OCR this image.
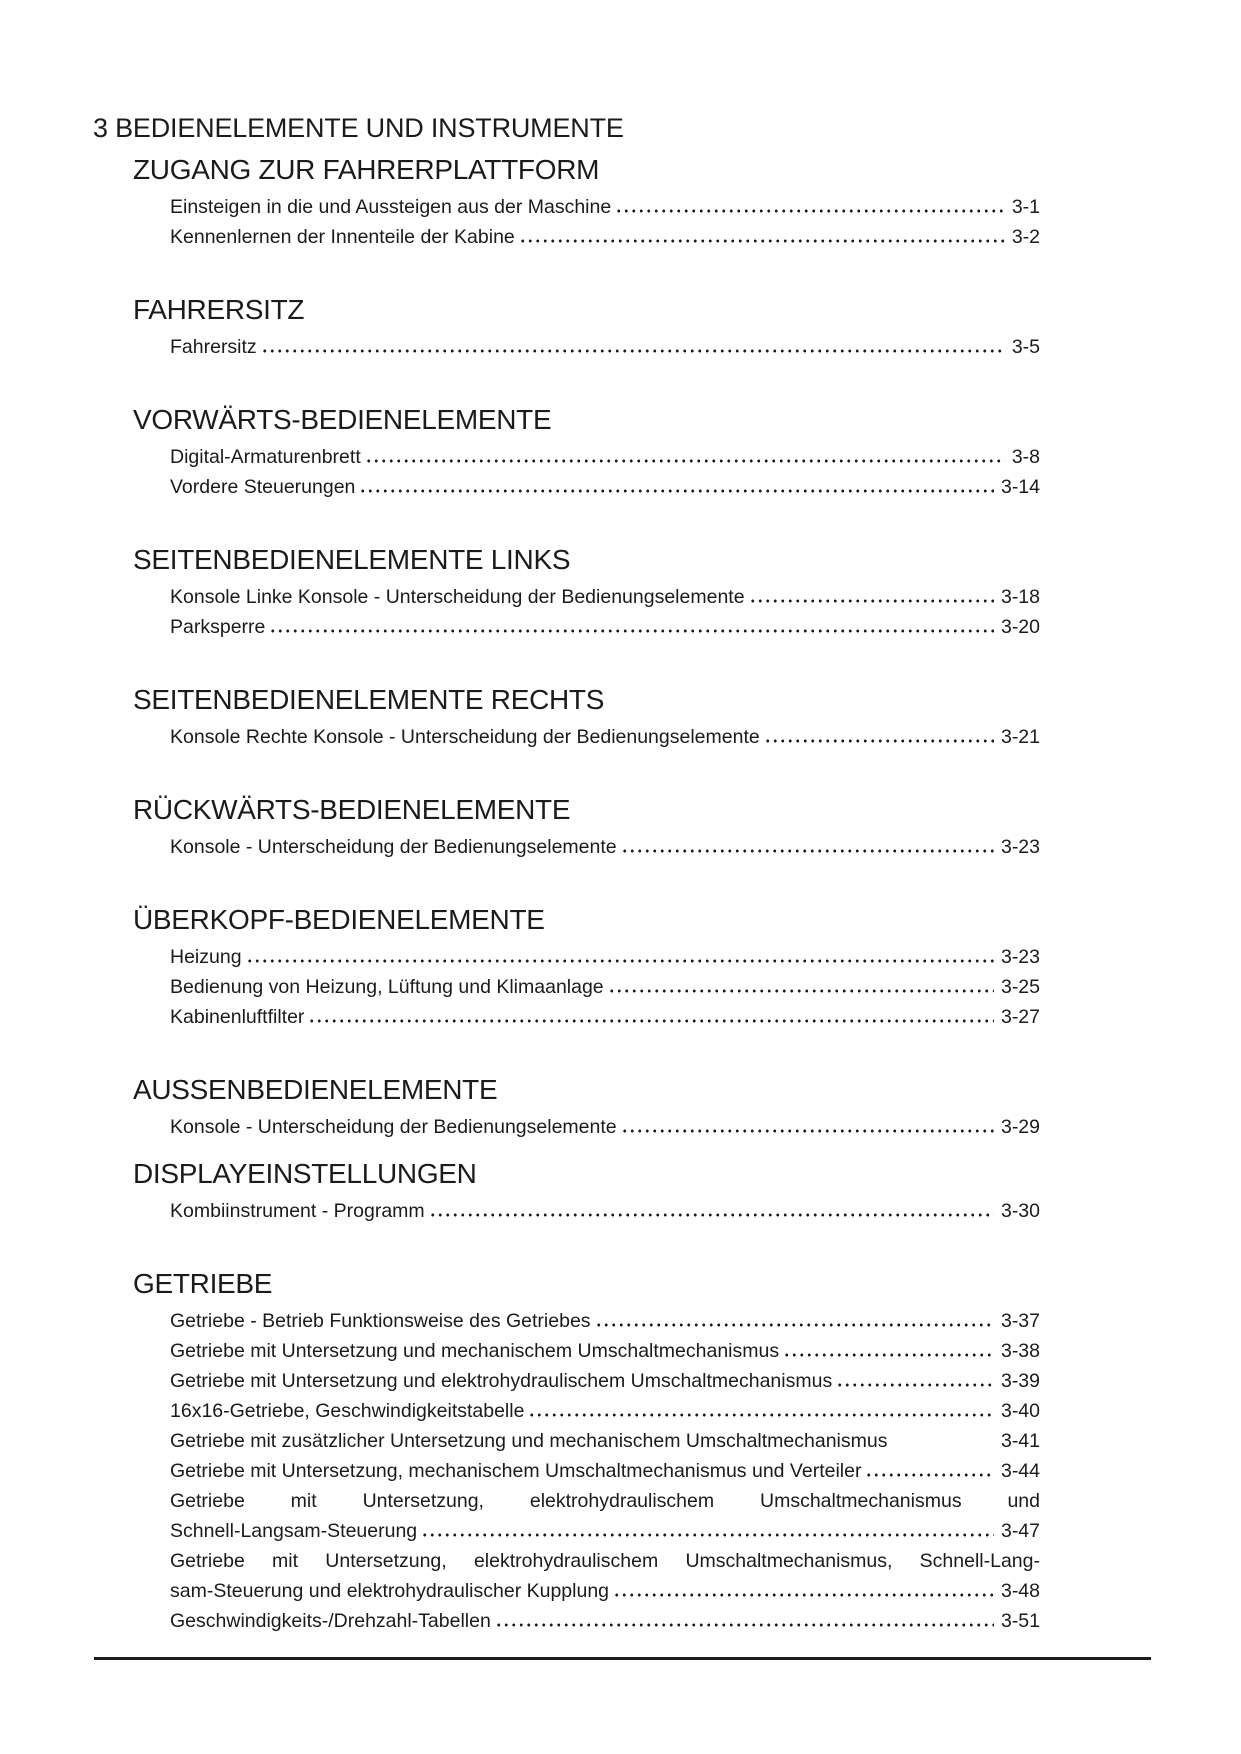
3 BEDIENELEMENTE UND INSTRUMENTE
ZUGANG ZUR FAHRERPLATTFORM
Einsteigen in die und Aussteigen aus der Maschine	3-1
Kennenlernen der Innenteile der Kabine	3-2
FAHRERSITZ
Fahrersitz	3-5
VORWÄRTS-BEDIENELEMENTE
Digital-Armaturenbrett	3-8
Vordere Steuerungen	3-14
SEITENBEDIENELEMENTE LINKS
Konsole Linke Konsole - Unterscheidung der Bedienungselemente	3-18
Parksperre	3-20
SEITENBEDIENELEMENTE RECHTS
Konsole Rechte Konsole - Unterscheidung der Bedienungselemente	3-21
RÜCKWÄRTS-BEDIENELEMENTE
Konsole - Unterscheidung der Bedienungselemente	3-23
ÜBERKOPF-BEDIENELEMENTE
Heizung	3-23
Bedienung von Heizung, Lüftung und Klimaanlage	3-25
Kabinenluftfilter	3-27
AUSSENBEDIENELEMENTE
Konsole - Unterscheidung der Bedienungselemente	3-29
DISPLAYEINSTELLUNGEN
Kombiinstrument - Programm	3-30
GETRIEBE
Getriebe - Betrieb Funktionsweise des Getriebes	3-37
Getriebe mit Untersetzung und mechanischem Umschaltmechanismus	3-38
Getriebe mit Untersetzung und elektrohydraulischem Umschaltmechanismus	3-39
16x16-Getriebe, Geschwindigkeitstabelle	3-40
Getriebe mit zusätzlicher Untersetzung und mechanischem Umschaltmechanismus	3-41
Getriebe mit Untersetzung, mechanischem Umschaltmechanismus und Verteiler	3-44
Getriebe mit Untersetzung, elektrohydraulischem Umschaltmechanismus und
Schnell-Langsam-Steuerung	3-47
Getriebe mit Untersetzung, elektrohydraulischem Umschaltmechanismus, Schnell-Lang-
sam-Steuerung und elektrohydraulischer Kupplung	3-48
Geschwindigkeits-/Drehzahl-Tabellen	3-51
